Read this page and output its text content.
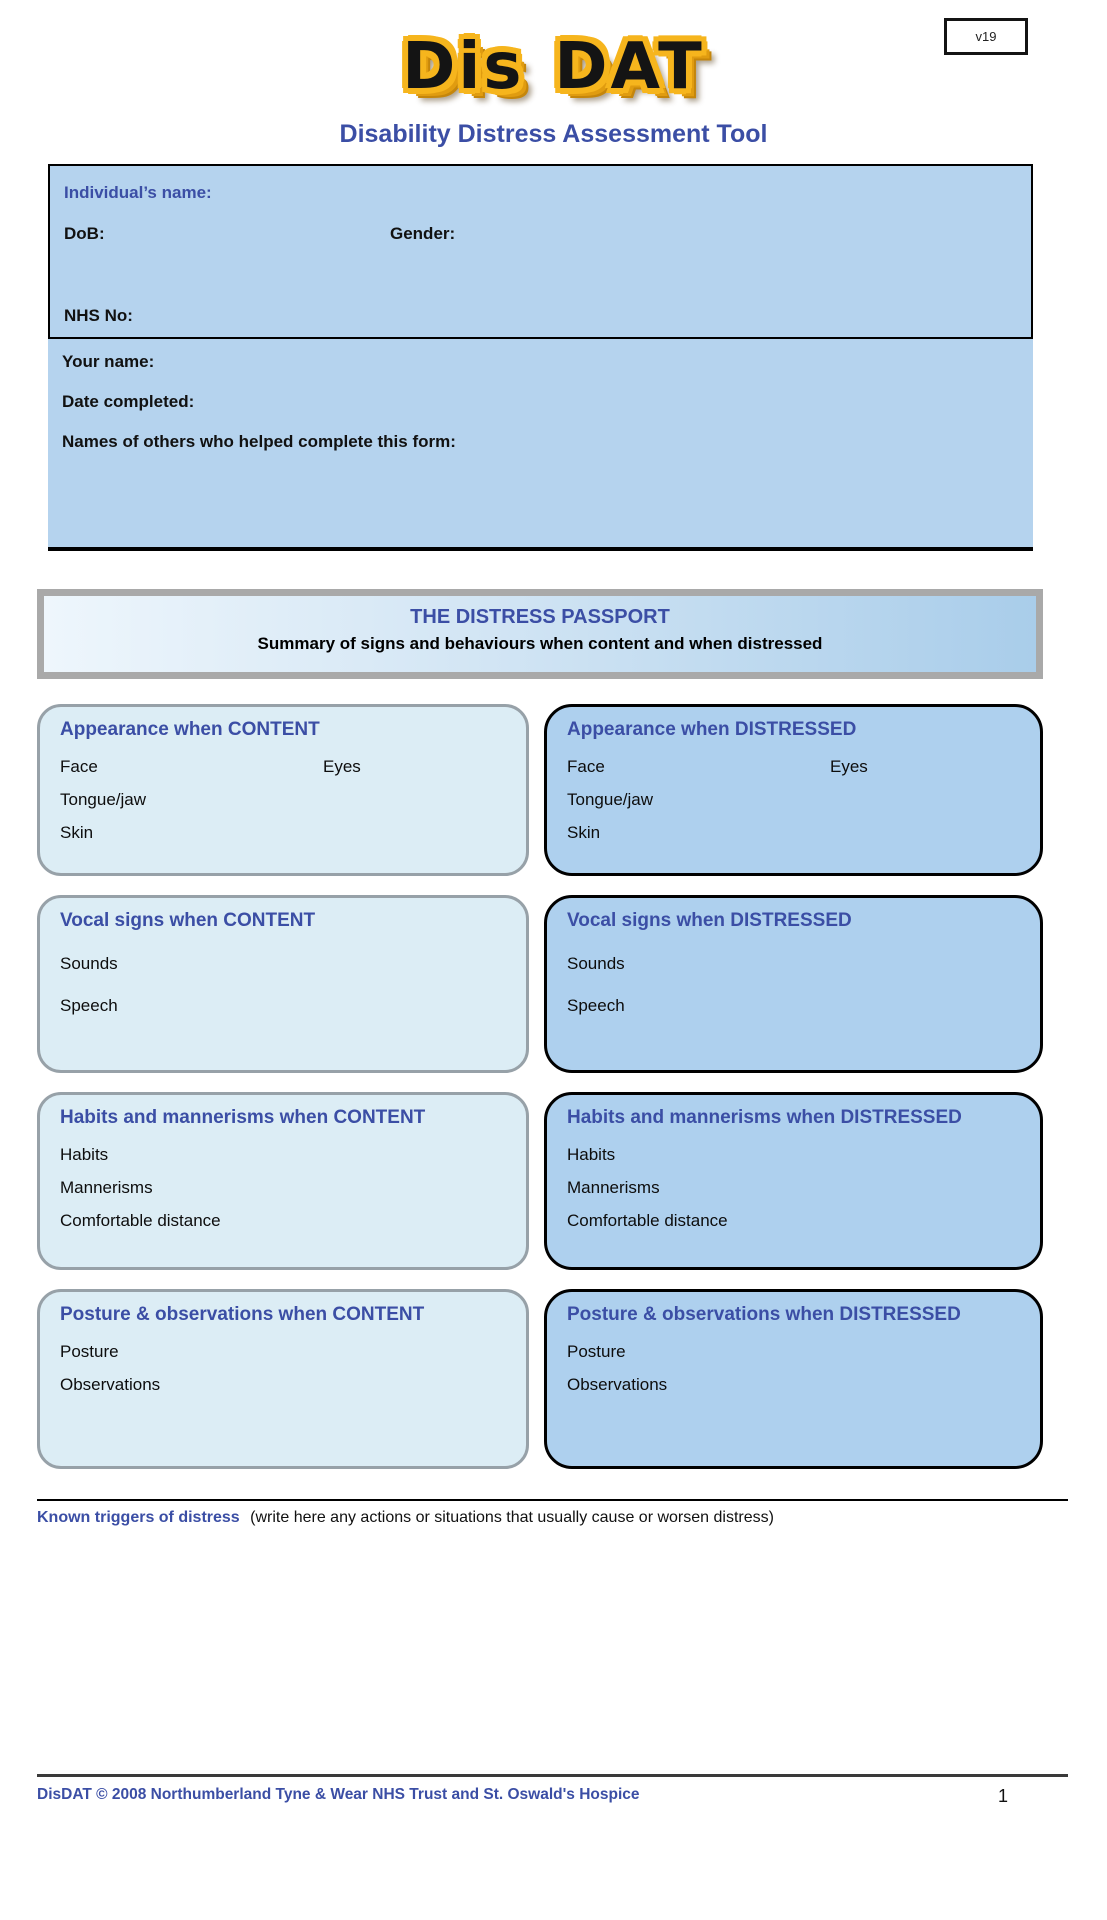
v19
Dis DAT
Disability Distress Assessment Tool
Individual’s name:
DoB:	Gender:
NHS No:
Your name:
Date completed:
Names of others who helped complete this form:
THE DISTRESS PASSPORT
Summary of signs and behaviours when content and when distressed
Appearance when CONTENT
Face	Eyes
Tongue/jaw
Skin
Appearance when DISTRESSED
Face	Eyes
Tongue/jaw
Skin
Vocal signs when CONTENT
Sounds
Speech
Vocal signs when DISTRESSED
Sounds
Speech
Habits and mannerisms when CONTENT
Habits
Mannerisms
Comfortable distance
Habits and mannerisms when DISTRESSED
Habits
Mannerisms
Comfortable distance
Posture & observations when CONTENT
Posture
Observations
Posture & observations when DISTRESSED
Posture
Observations
Known triggers of distress (write here any actions or situations that usually cause or worsen distress)
DisDAT © 2008 Northumberland Tyne & Wear NHS Trust and St. Oswald's Hospice	1
